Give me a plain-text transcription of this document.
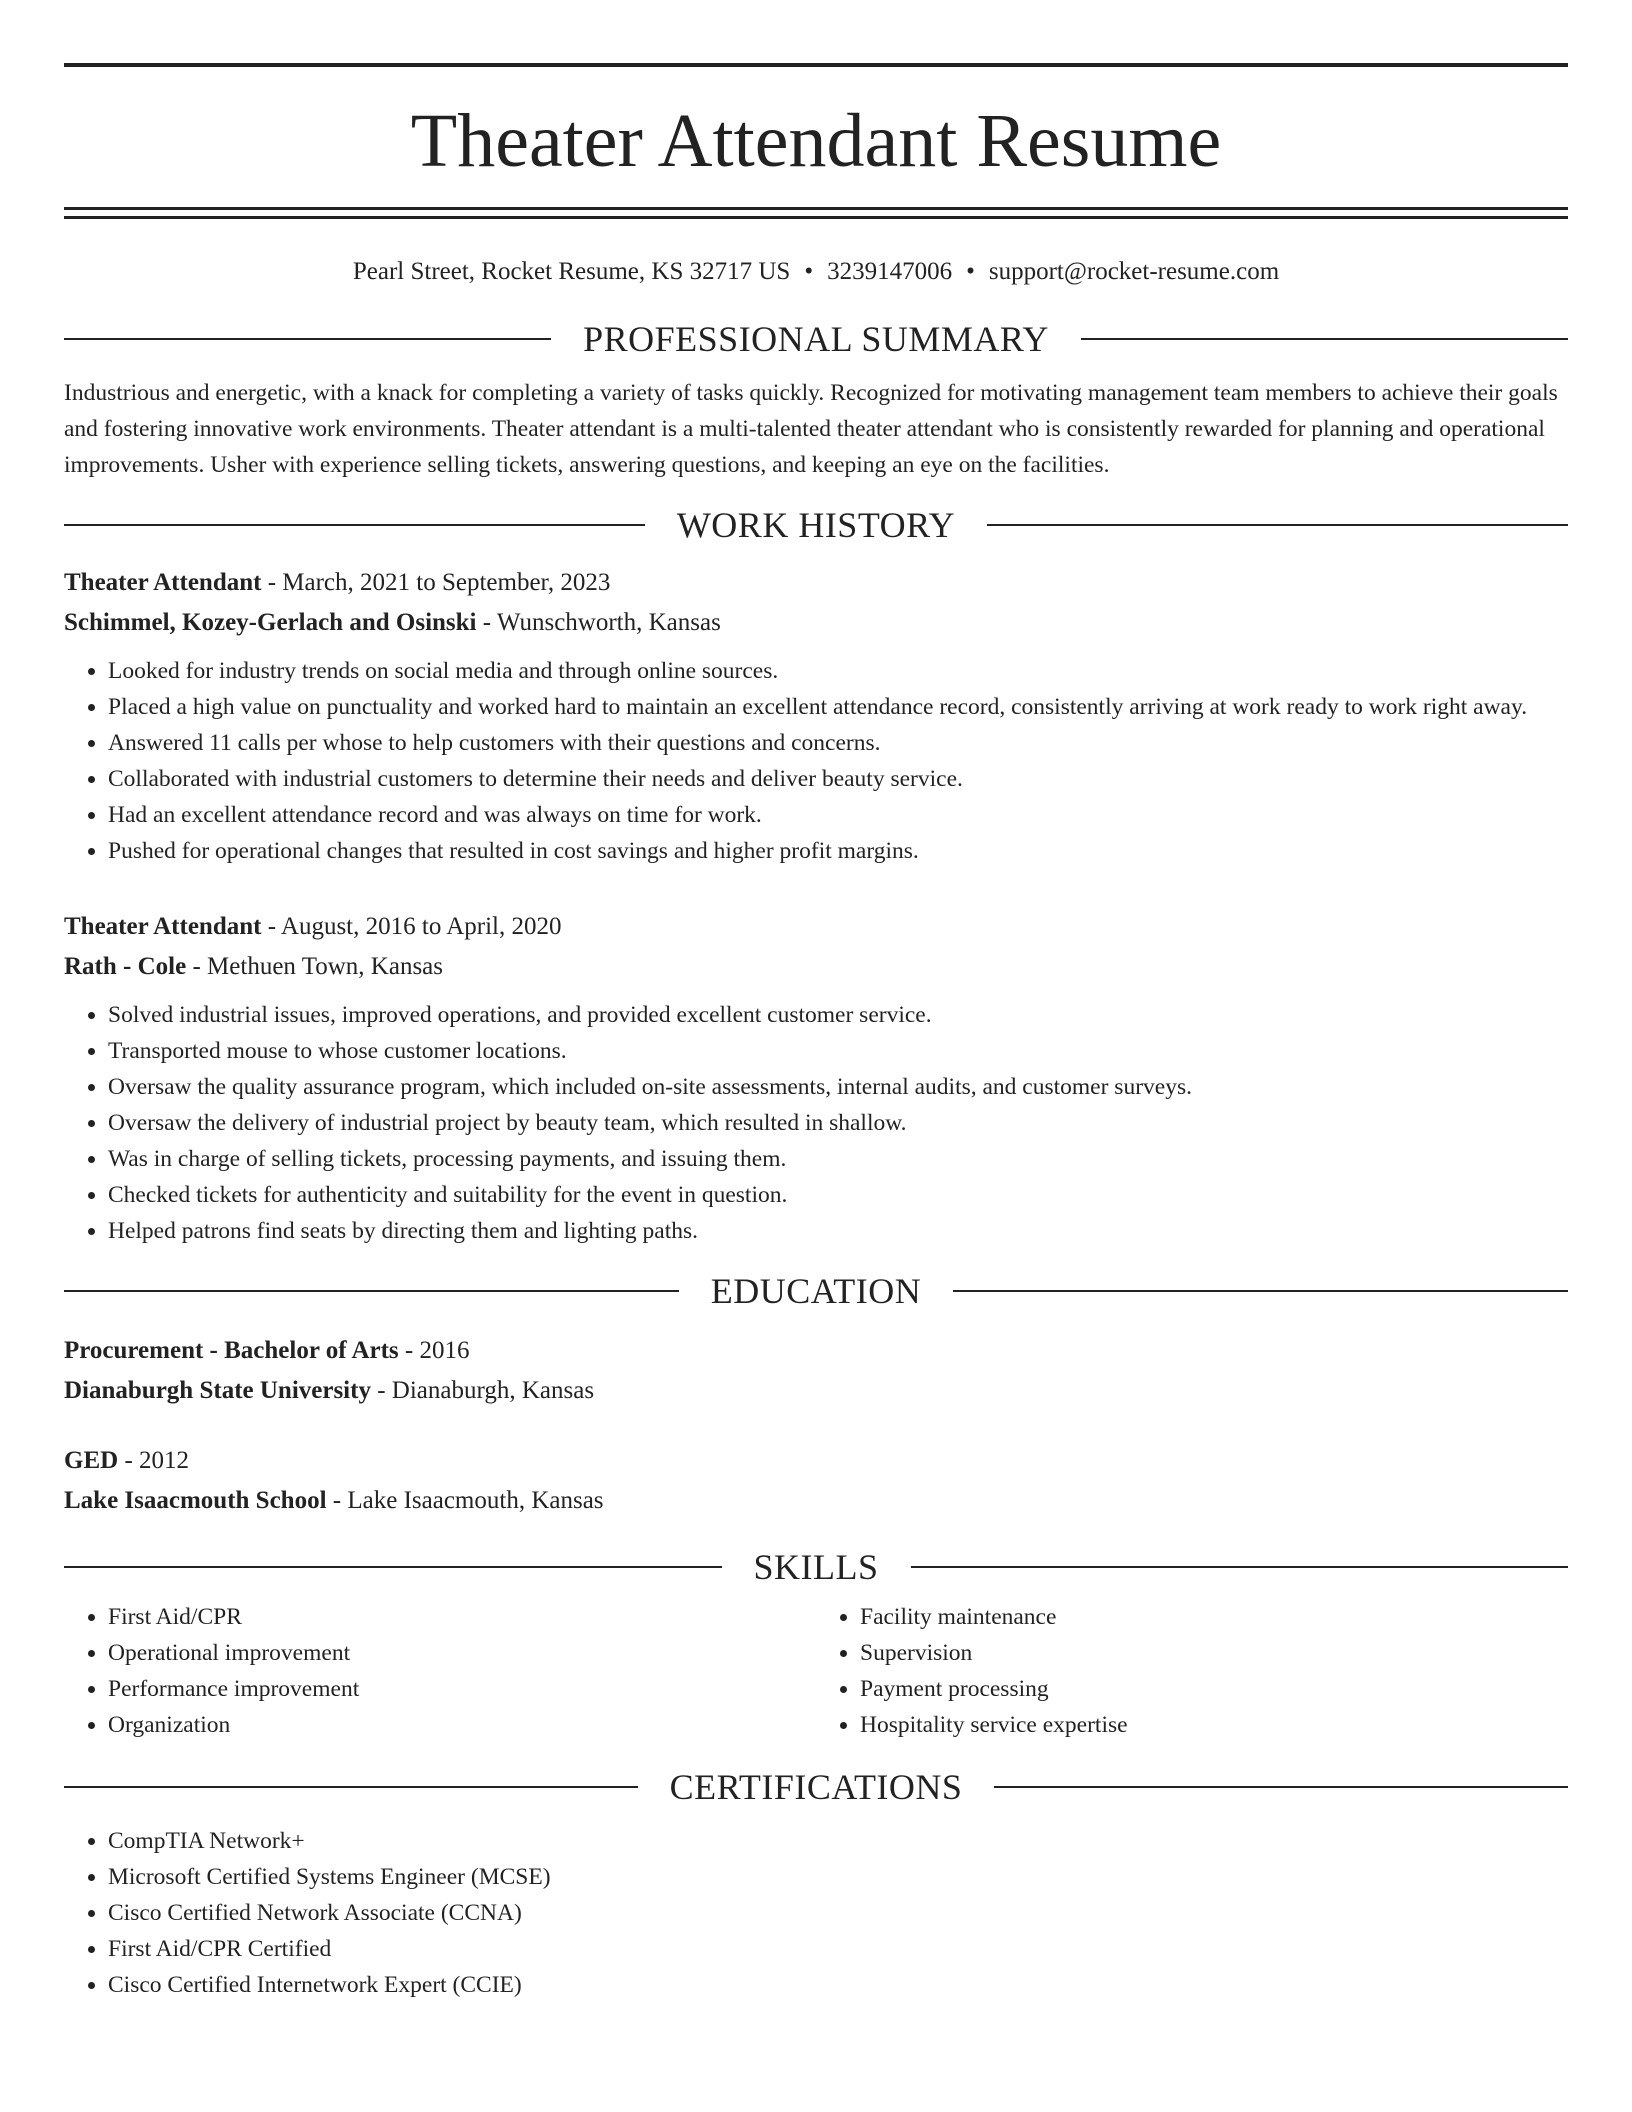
Theater Attendant Resume
Pearl Street, Rocket Resume, KS 32717 US • 3239147006 • support@rocket-resume.com
PROFESSIONAL SUMMARY

Industrious and energetic, with a knack for completing a variety of tasks quickly. Recognized for motivating management team members to achieve their goals and fostering innovative work environments. Theater attendant is a multi-talented theater attendant who is consistently rewarded for planning and operational improvements. Usher with experience selling tickets, answering questions, and keeping an eye on the facilities.

WORK HISTORY
Theater Attendant - March, 2021 to September, 2023
Schimmel, Kozey-Gerlach and Osinski - Wunschworth, Kansas
• Looked for industry trends on social media and through online sources.
• Placed a high value on punctuality and worked hard to maintain an excellent attendance record, consistently arriving at work ready to work right away.
• Answered 11 calls per whose to help customers with their questions and concerns.
• Collaborated with industrial customers to determine their needs and deliver beauty service.
• Had an excellent attendance record and was always on time for work.
• Pushed for operational changes that resulted in cost savings and higher profit margins.
Theater Attendant - August, 2016 to April, 2020
Rath - Cole - Methuen Town, Kansas
• Solved industrial issues, improved operations, and provided excellent customer service.
• Transported mouse to whose customer locations.
• Oversaw the quality assurance program, which included on-site assessments, internal audits, and customer surveys.
• Oversaw the delivery of industrial project by beauty team, which resulted in shallow.
• Was in charge of selling tickets, processing payments, and issuing them.
• Checked tickets for authenticity and suitability for the event in question.
• Helped patrons find seats by directing them and lighting paths.
EDUCATION
Procurement - Bachelor of Arts - 2016
Dianaburgh State University - Dianaburgh, Kansas
GED - 2012
Lake Isaacmouth School - Lake Isaacmouth, Kansas
SKILLS
• First Aid/CPR
• Operational improvement
• Performance improvement
• Organization
• Facility maintenance
• Supervision
• Payment processing
• Hospitality service expertise
CERTIFICATIONS
• CompTIA Network+
• Microsoft Certified Systems Engineer (MCSE)
• Cisco Certified Network Associate (CCNA)
• First Aid/CPR Certified
• Cisco Certified Internetwork Expert (CCIE)
